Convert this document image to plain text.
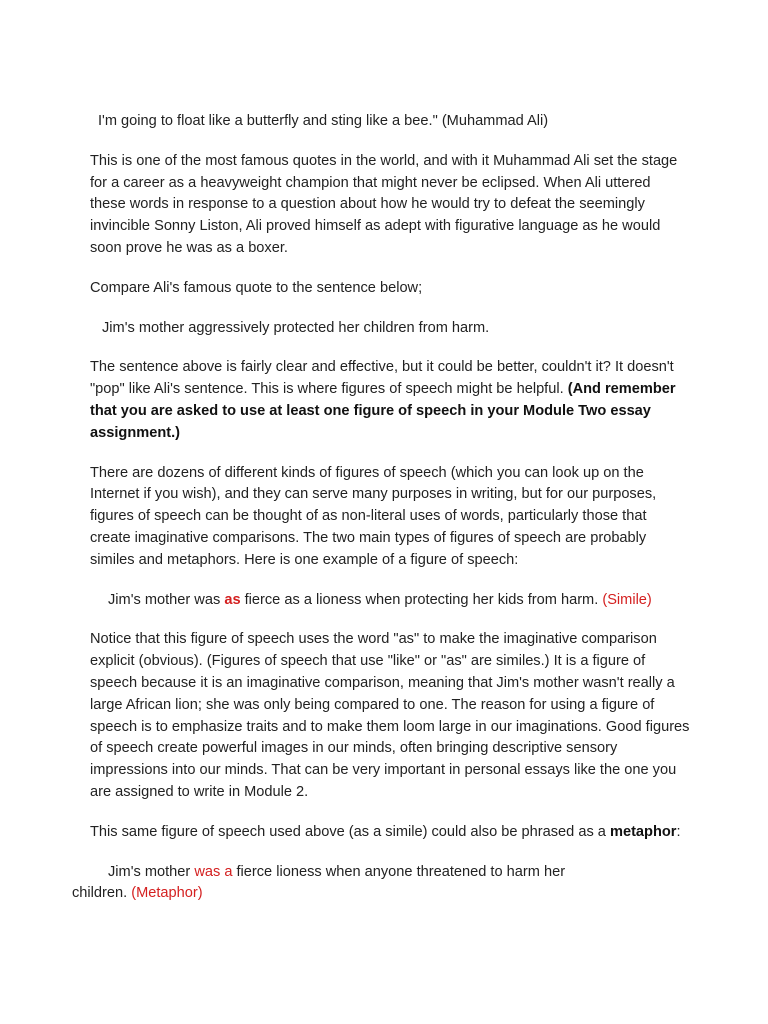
I'm going to float like a butterfly and sting like a bee." (Muhammad Ali)

This is one of the most famous quotes in the world, and with it Muhammad Ali set the stage for a career as a heavyweight champion that might never be eclipsed. When Ali uttered these words in response to a question about how he would try to defeat the seemingly invincible Sonny Liston, Ali proved himself as adept with figurative language as he would soon prove he was as a boxer.

Compare Ali's famous quote to the sentence below;

Jim's mother aggressively protected her children from harm.

The sentence above is fairly clear and effective, but it could be better, couldn't it? It doesn't "pop" like Ali's sentence. This is where figures of speech might be helpful. (And remember that you are asked to use at least one figure of speech in your Module Two essay assignment.)

There are dozens of different kinds of figures of speech (which you can look up on the Internet if you wish), and they can serve many purposes in writing, but for our purposes, figures of speech can be thought of as non-literal uses of words, particularly those that create imaginative comparisons. The two main types of figures of speech are probably similes and metaphors. Here is one example of a figure of speech:

Jim's mother was as fierce as a lioness when protecting her kids from harm. (Simile)

Notice that this figure of speech uses the word "as" to make the imaginative comparison explicit (obvious). (Figures of speech that use "like" or "as" are similes.) It is a figure of speech because it is an imaginative comparison, meaning that Jim's mother wasn't really a large African lion; she was only being compared to one. The reason for using a figure of speech is to emphasize traits and to make them loom large in our imaginations. Good figures of speech create powerful images in our minds, often bringing descriptive sensory impressions into our minds. That can be very important in personal essays like the one you are assigned to write in Module 2.

This same figure of speech used above (as a simile) could also be phrased as a metaphor:

Jim's mother was a fierce lioness when anyone threatened to harm her
children. (Metaphor)
